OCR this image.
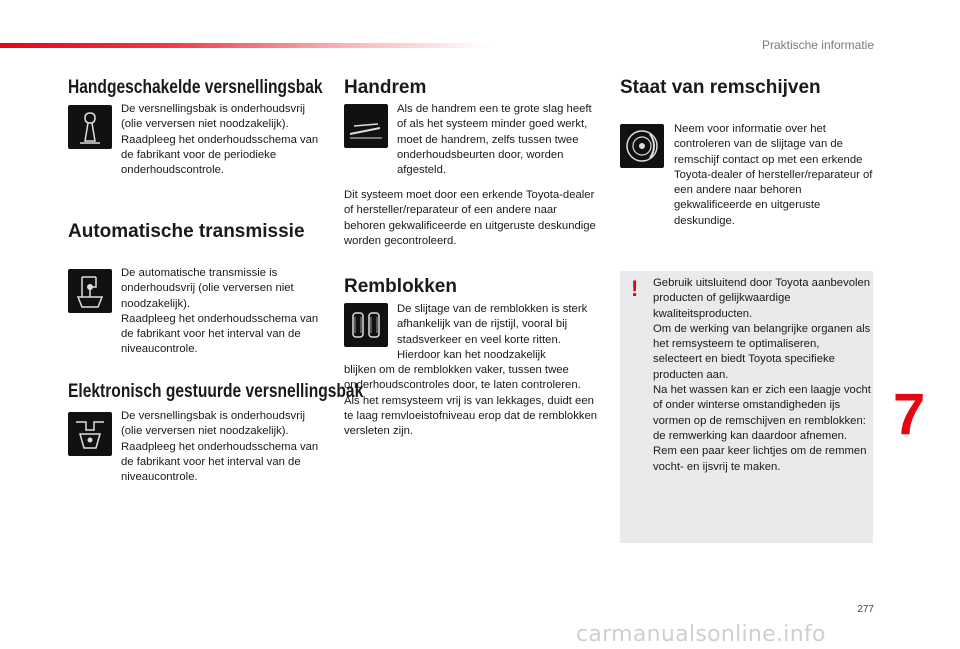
Praktische informatie
Handgeschakelde versnellingsbak
De versnellingsbak is onderhoudsvrij (olie verversen niet noodzakelijk).
Raadpleeg het onderhoudsschema van de fabrikant voor de periodieke onderhoudscontrole.
Automatische transmissie
De automatische transmissie is onderhoudsvrij (olie verversen niet noodzakelijk).
Raadpleeg het onderhoudsschema van de fabrikant voor het interval van de niveaucontrole.
Elektronisch gestuurde versnellingsbak
De versnellingsbak is onderhoudsvrij (olie verversen niet noodzakelijk).
Raadpleeg het onderhoudsschema van de fabrikant voor het interval van de niveaucontrole.
Handrem
Als de handrem een te grote slag heeft of als het systeem minder goed werkt, moet de handrem, zelfs tussen twee onderhoudsbeurten door, worden afgesteld.
Dit systeem moet door een erkende Toyota-dealer of hersteller/reparateur of een andere naar behoren gekwalificeerde en uitgeruste deskundige worden gecontroleerd.
Remblokken
De slijtage van de remblokken is sterk afhankelijk van de rijstijl, vooral bij stadsverkeer en veel korte ritten. Hierdoor kan het noodzakelijk
blijken om de remblokken vaker, tussen twee onderhoudscontroles door, te laten controleren.
Als het remsysteem vrij is van lekkages, duidt een te laag remvloeistofniveau erop dat de remblokken versleten zijn.
Staat van remschijven
Neem voor informatie over het controleren van de slijtage van de remschijf contact op met een erkende Toyota-dealer of hersteller/reparateur of een andere naar behoren gekwalificeerde en uitgeruste deskundige.
! Gebruik uitsluitend door Toyota aanbevolen producten of gelijkwaardige kwaliteitsproducten.
Om de werking van belangrijke organen als het remsysteem te optimaliseren, selecteert en biedt Toyota specifieke producten aan.
Na het wassen kan er zich een laagje vocht of onder winterse omstandigheden ijs vormen op de remschijven en remblokken: de remwerking kan daardoor afnemen.
Rem een paar keer lichtjes om de remmen vocht- en ijsvrij te maken.
7
277
carmanualsonline.info
